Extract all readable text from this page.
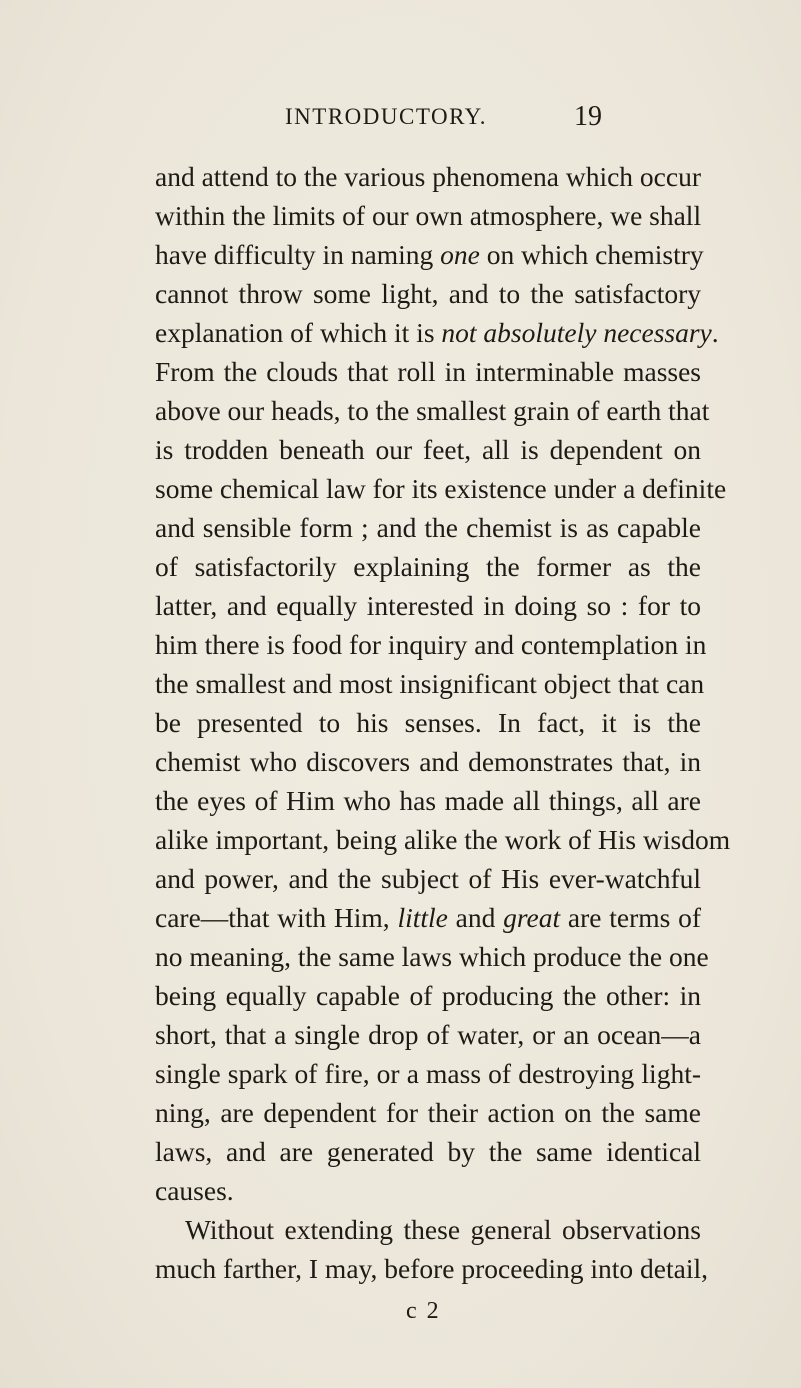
INTRODUCTORY.	19
and attend to the various phenomena which occur
within the limits of our own atmosphere, we shall
have difficulty in naming one on which chemistry
cannot throw some light, and to the satisfactory
explanation of which it is not absolutely necessary.
From the clouds that roll in interminable masses
above our heads, to the smallest grain of earth that
is trodden beneath our feet, all is dependent on
some chemical law for its existence under a definite
and sensible form ; and the chemist is as capable
of satisfactorily explaining the former as the
latter, and equally interested in doing so : for to
him there is food for inquiry and contemplation in
the smallest and most insignificant object that can
be presented to his senses. In fact, it is the
chemist who discovers and demonstrates that, in
the eyes of Him who has made all things, all are
alike important, being alike the work of His wisdom
and power, and the subject of His ever-watchful
care—that with Him, little and great are terms of
no meaning, the same laws which produce the one
being equally capable of producing the other: in
short, that a single drop of water, or an ocean—a
single spark of fire, or a mass of destroying light-
ning, are dependent for their action on the same
laws, and are generated by the same identical
causes.
Without extending these general observations
much farther, I may, before proceeding into detail,
c 2
